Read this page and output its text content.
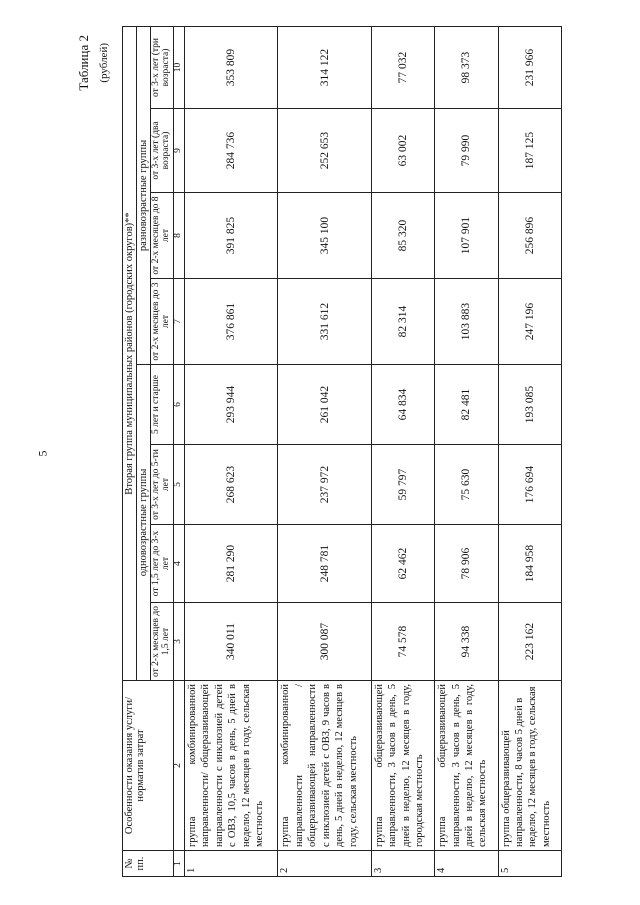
5
Таблица 2 (рублей)
№ пп.	Особенности оказания услуги/норматив затрат	Вторая группа муниципальных районов (городских округов)**							
		одновозрастные группы				разновозрастные группы			
		от 2-х месяцев до 1,5 лет	от 1,5 лет до 3-х лет	от 3-х лет до 5-ти лет	5 лет и старше	от 2-х месяцев до 3 лет	от 2-х месяцев до 8 лет	от 3-х лет (два возраста)	от 3-х лет (три возраста)
1	2	3	4	5	6	7	8	9	10
1	группа комбинированной направленности/ общеразвивающей направленности с инклюзией детей с ОВЗ, 10,5 часов в день, 5 дней в неделю, 12 месяцев в году, сельская местность	340 011	281 290	268 623	293 944	376 861	391 825	284 736	353 809
2	группа комбинированной направленности / общеразвивающей направленности с инклюзией детей с ОВЗ, 9 часов в день, 5 дней в неделю, 12 месяцев в году, сельская местность	300 087	248 781	237 972	261 042	331 612	345 100	252 653	314 122
3	группа общеразвивающей направленности, 3 часов в день, 5 дней в неделю, 12 месяцев в году, городская местность	74 578	62 462	59 797	64 834	82 314	85 320	63 002	77 032
4	группа общеразвивающей направленности, 3 часов в день, 5 дней в неделю, 12 месяцев в году, сельская местность	94 338	78 906	75 630	82 481	103 883	107 901	79 990	98 373
5	группа общеразвивающей направленности, 8 часов 5 дней в неделю, 12 месяцев в году, сельская местность	223 162	184 958	176 694	193 085	247 196	256 896	187 125	231 966
